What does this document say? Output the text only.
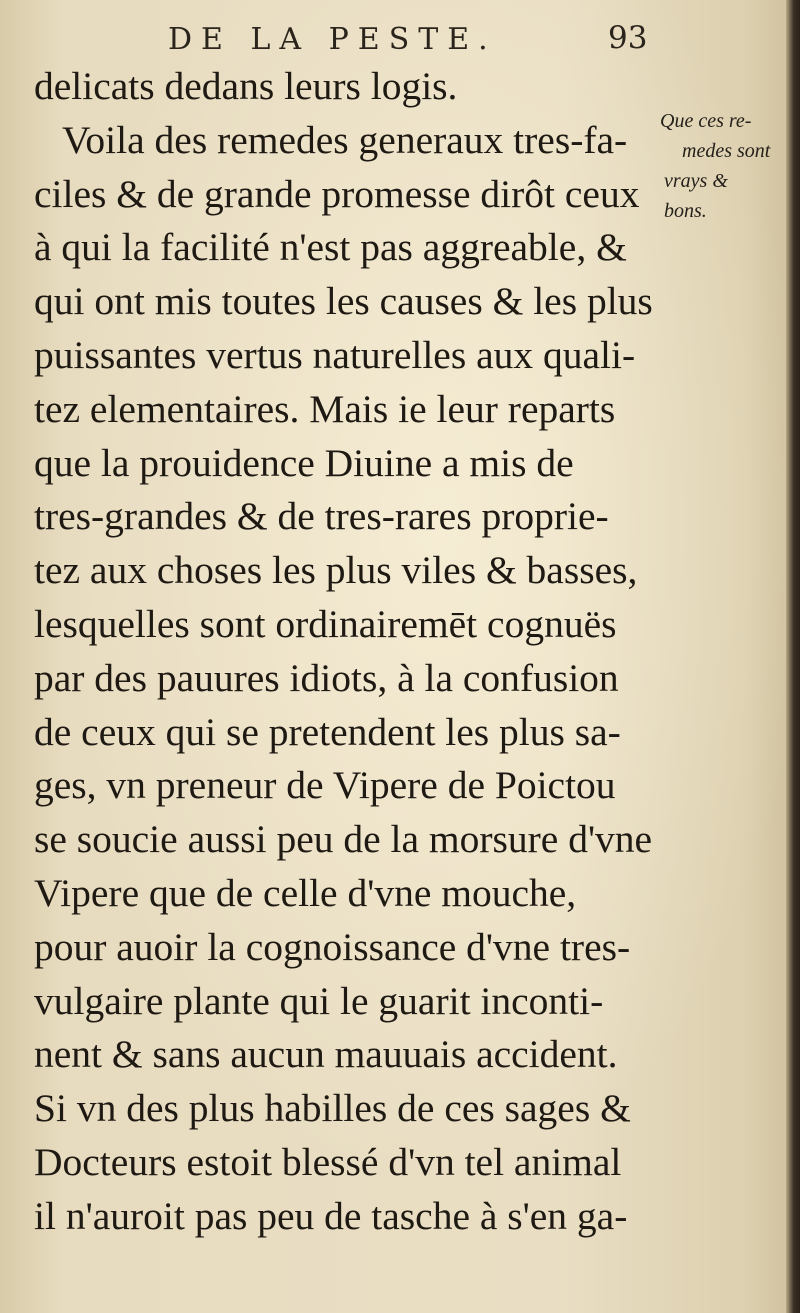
DE LA PESTE.	93
delicats dedans leurs logis.
Voila des remedes generaux tres-fa-
ciles & de grande promesse dirôt ceux
à qui la facilité n'est pas aggreable, &
qui ont mis toutes les causes & les plus
puissantes vertus naturelles aux quali-
tez elementaires. Mais ie leur reparts
que la prouidence Diuine a mis de
tres-grandes & de tres-rares proprie-
tez aux choses les plus viles & basses,
lesquelles sont ordinairemēt cognuës
par des pauures idiots, à la confusion
de ceux qui se pretendent les plus sa-
ges, vn preneur de Vipere de Poictou
se soucie aussi peu de la morsure d'vne
Vipere que de celle d'vne mouche,
pour auoir la cognoissance d'vne tres-
vulgaire plante qui le guarit inconti-
nent & sans aucun mauuais accident.
Si vn des plus habilles de ces sages &
Docteurs estoit blessé d'vn tel animal
il n'auroit pas peu de tasche à s'en ga-
Que ces re-
medes sont
vrays &
bons.
